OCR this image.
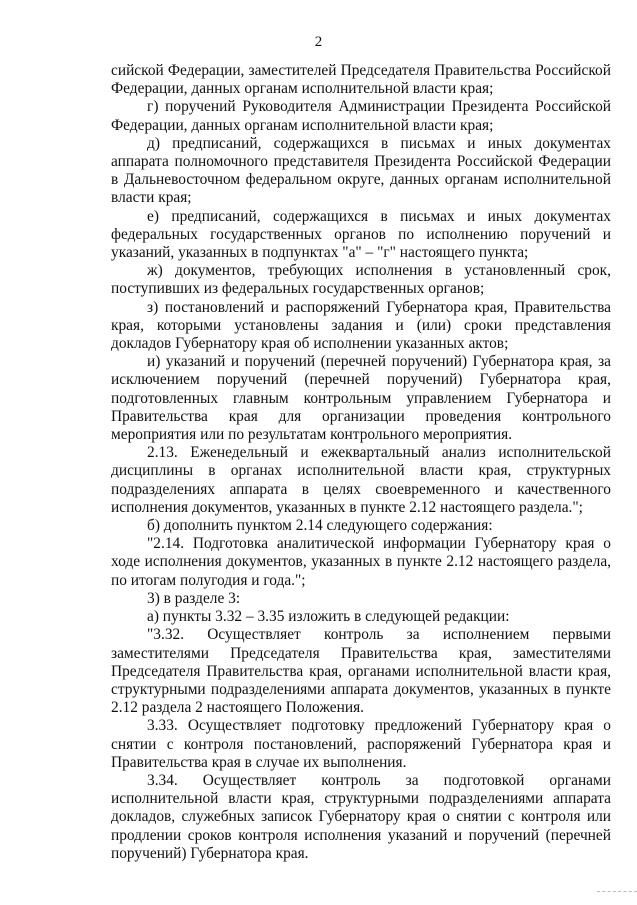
2

сийской Федерации, заместителей Председателя Правительства Российской Федерации, данных органам исполнительной власти края;

г) поручений Руководителя Администрации Президента Российской Федерации, данных органам исполнительной власти края;

д) предписаний, содержащихся в письмах и иных документах аппарата полномочного представителя Президента Российской Федерации в Дальневосточном федеральном округе, данных органам исполнительной власти края;

е) предписаний, содержащихся в письмах и иных документах федеральных государственных органов по исполнению поручений и указаний, указанных в подпунктах "а" – "г" настоящего пункта;

ж) документов, требующих исполнения в установленный срок, поступивших из федеральных государственных органов;

з) постановлений и распоряжений Губернатора края, Правительства края, которыми установлены задания и (или) сроки представления докладов Губернатору края об исполнении указанных актов;

и) указаний и поручений (перечней поручений) Губернатора края, за исключением поручений (перечней поручений) Губернатора края, подготовленных главным контрольным управлением Губернатора и Правительства края для организации проведения контрольного мероприятия или по результатам контрольного мероприятия.

2.13. Еженедельный и ежеквартальный анализ исполнительской дисциплины в органах исполнительной власти края, структурных подразделениях аппарата в целях своевременного и качественного исполнения документов, указанных в пункте 2.12 настоящего раздела.";

б) дополнить пунктом 2.14 следующего содержания:

"2.14. Подготовка аналитической информации Губернатору края о ходе исполнения документов, указанных в пункте 2.12 настоящего раздела, по итогам полугодия и года.";

3) в разделе 3:

а) пункты 3.32 – 3.35 изложить в следующей редакции:

"3.32. Осуществляет контроль за исполнением первыми заместителями Председателя Правительства края, заместителями Председателя Правительства края, органами исполнительной власти края, структурными подразделениями аппарата документов, указанных в пункте 2.12 раздела 2 настоящего Положения.

3.33. Осуществляет подготовку предложений Губернатору края о снятии с контроля постановлений, распоряжений Губернатора края и Правительства края в случае их выполнения.

3.34. Осуществляет контроль за подготовкой органами исполнительной власти края, структурными подразделениями аппарата докладов, служебных записок Губернатору края о снятии с контроля или продлении сроков контроля исполнения указаний и поручений (перечней поручений) Губернатора края.
